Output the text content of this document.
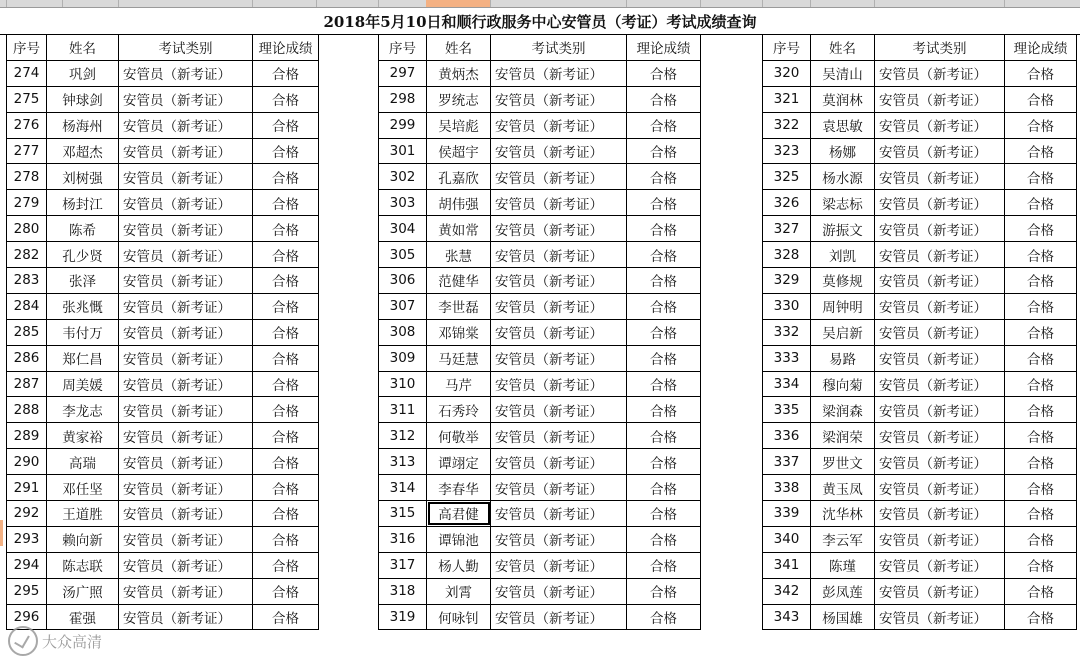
2018年5月10日和顺行政服务中心安管员（考证）考试成绩查询
序号	姓名	考试类别	理论成绩
274	巩剑	安管员（新考证）	合格
275	钟球剑	安管员（新考证）	合格
276	杨海州	安管员（新考证）	合格
277	邓超杰	安管员（新考证）	合格
278	刘树强	安管员（新考证）	合格
279	杨封江	安管员（新考证）	合格
280	陈希	安管员（新考证）	合格
282	孔少贤	安管员（新考证）	合格
283	张泽	安管员（新考证）	合格
284	张兆慨	安管员（新考证）	合格
285	韦付万	安管员（新考证）	合格
286	郑仁昌	安管员（新考证）	合格
287	周美媛	安管员（新考证）	合格
288	李龙志	安管员（新考证）	合格
289	黄家裕	安管员（新考证）	合格
290	高瑞	安管员（新考证）	合格
291	邓任坚	安管员（新考证）	合格
292	王道胜	安管员（新考证）	合格
293	赖向新	安管员（新考证）	合格
294	陈志联	安管员（新考证）	合格
295	汤广照	安管员（新考证）	合格
296	霍强	安管员（新考证）	合格
序号	姓名	考试类别	理论成绩
297	黄炳杰	安管员（新考证）	合格
298	罗统志	安管员（新考证）	合格
299	吴培彪	安管员（新考证）	合格
301	侯超宇	安管员（新考证）	合格
302	孔嘉欣	安管员（新考证）	合格
303	胡伟强	安管员（新考证）	合格
304	黄如常	安管员（新考证）	合格
305	张慧	安管员（新考证）	合格
306	范健华	安管员（新考证）	合格
307	李世磊	安管员（新考证）	合格
308	邓锦棠	安管员（新考证）	合格
309	马廷慧	安管员（新考证）	合格
310	马芹	安管员（新考证）	合格
311	石秀玲	安管员（新考证）	合格
312	何敬举	安管员（新考证）	合格
313	谭翊定	安管员（新考证）	合格
314	李春华	安管员（新考证）	合格
315	高君健	安管员（新考证）	合格
316	谭锦池	安管员（新考证）	合格
317	杨人勤	安管员（新考证）	合格
318	刘霄	安管员（新考证）	合格
319	何咏钊	安管员（新考证）	合格
序号	姓名	考试类别	理论成绩
320	吴清山	安管员（新考证）	合格
321	莫润林	安管员（新考证）	合格
322	袁思敏	安管员（新考证）	合格
323	杨娜	安管员（新考证）	合格
325	杨水源	安管员（新考证）	合格
326	梁志标	安管员（新考证）	合格
327	游振文	安管员（新考证）	合格
328	刘凯	安管员（新考证）	合格
329	莫修规	安管员（新考证）	合格
330	周钟明	安管员（新考证）	合格
332	吴启新	安管员（新考证）	合格
333	易路	安管员（新考证）	合格
334	穆向菊	安管员（新考证）	合格
335	梁润森	安管员（新考证）	合格
336	梁润荣	安管员（新考证）	合格
337	罗世文	安管员（新考证）	合格
338	黄玉凤	安管员（新考证）	合格
339	沈华林	安管员（新考证）	合格
340	李云军	安管员（新考证）	合格
341	陈瑾	安管员（新考证）	合格
342	彭凤莲	安管员（新考证）	合格
343	杨国雄	安管员（新考证）	合格
大众高清
